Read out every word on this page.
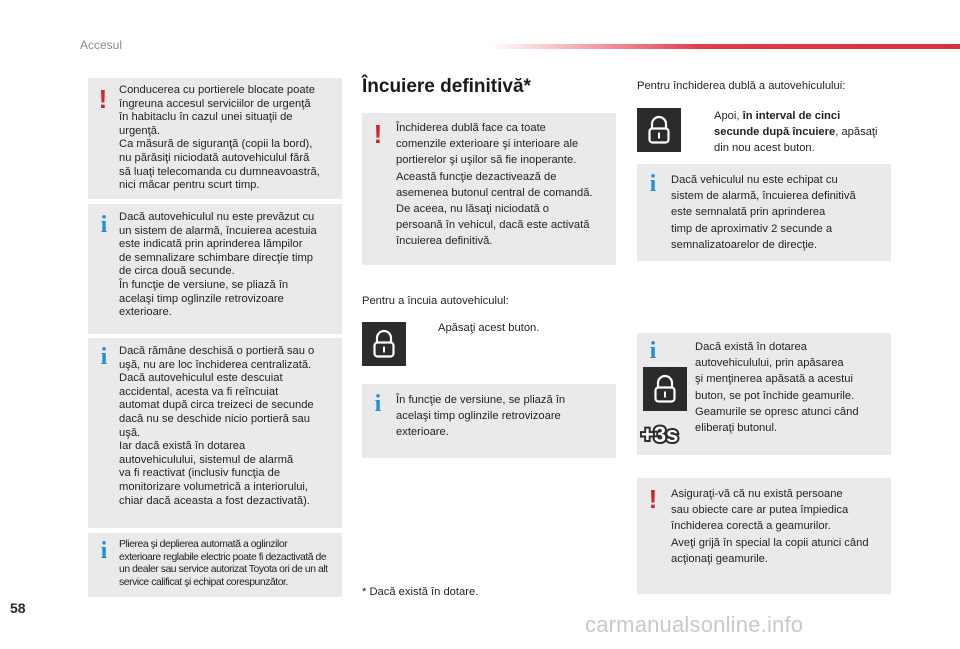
Accesul
!	Conducerea cu portierele blocate poate
îngreuna accesul serviciilor de urgenţă
în habitaclu în cazul unei situaţii de
urgenţă.
Ca măsură de siguranţă (copii la bord),
nu părăsiţi niciodată autovehiculul fără
să luaţi telecomanda cu dumneavoastră,
nici măcar pentru scurt timp.
i	Dacă autovehiculul nu este prevăzut cu
un sistem de alarmă, încuierea acestuia
este indicată prin aprinderea lămpilor
de semnalizare schimbare direcţie timp
de circa două secunde.
În funcţie de versiune, se pliază în
acelaşi timp oglinzile retrovizoare
exterioare.
i	Dacă rămâne deschisă o portieră sau o
uşă, nu are loc închiderea centralizată.
Dacă autovehiculul este descuiat
accidental, acesta va fi reîncuiat
automat după circa treizeci de secunde
dacă nu se deschide nicio portieră sau
uşă.
Iar dacă există în dotarea
autovehiculului, sistemul de alarmă
va fi reactivat (inclusiv funcţia de
monitorizare volumetrică a interiorului,
chiar dacă aceasta a fost dezactivată).
i	Plierea şi deplierea automată a oglinzilor
exterioare reglabile electric poate fi dezactivată de
un dealer sau service autorizat Toyota ori de un alt
service calificat şi echipat corespunzător.
Încuiere definitivă*
!	Închiderea dublă face ca toate
comenzile exterioare şi interioare ale
portierelor şi uşilor să fie inoperante.
Această funcţie dezactivează de
asemenea butonul central de comandă.
De aceea, nu lăsaţi niciodată o
persoană în vehicul, dacă este activată
încuierea definitivă.
Pentru a încuia autovehiculul:
Apăsaţi acest buton.
i	În funcţie de versiune, se pliază în
acelaşi timp oglinzile retrovizoare
exterioare.
* Dacă există în dotare.
Pentru închiderea dublă a autovehiculului:
Apoi, în interval de cinci
secunde după încuiere, apăsaţi
din nou acest buton.
i	Dacă vehiculul nu este echipat cu
sistem de alarmă, încuierea definitivă
este semnalată prin aprinderea
timp de aproximativ 2 secunde a
semnalizatoarelor de direcţie.
i	Dacă există în dotarea
autovehiculului, prin apăsarea
şi menţinerea apăsată a acestui
buton, se pot închide geamurile.
Geamurile se opresc atunci când
eliberaţi butonul.
+3s
!	Asiguraţi-vă că nu există persoane
sau obiecte care ar putea împiedica
închiderea corectă a geamurilor.
Aveţi grijă în special la copii atunci când
acţionaţi geamurile.
58
carmanualsonline.info
